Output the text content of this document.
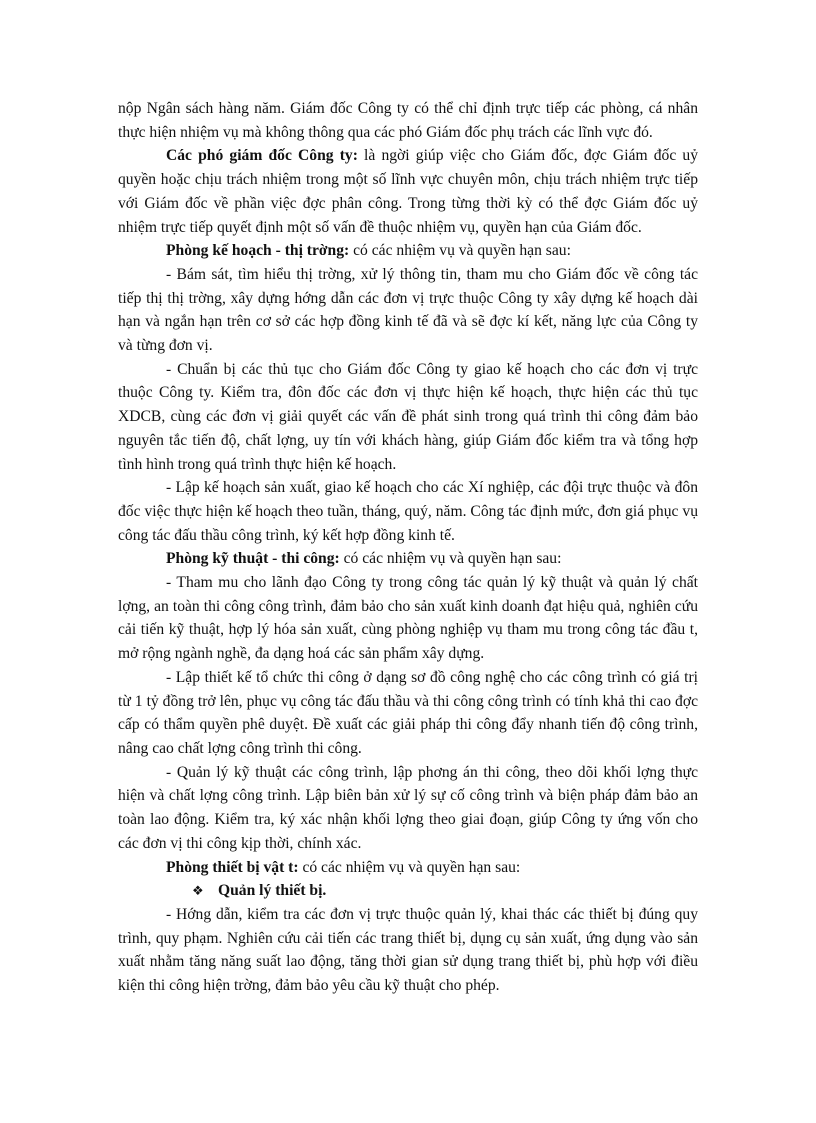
nộp Ngân sách hàng năm. Giám đốc Công ty có thể chỉ định trực tiếp các phòng, cá nhân thực hiện nhiệm vụ mà không thông qua các phó Giám đốc phụ trách các lĩnh vực đó.

Các phó giám đốc Công ty: là ngời giúp việc cho Giám đốc, đợc Giám đốc uỷ quyền hoặc chịu trách nhiệm trong một số lĩnh vực chuyên môn, chịu trách nhiệm trực tiếp với Giám đốc về phần việc đợc phân công. Trong từng thời kỳ có thể đợc Giám đốc uỷ nhiệm trực tiếp quyết định một số vấn đề thuộc nhiệm vụ, quyền hạn của Giám đốc.

Phòng kế hoạch - thị trờng: có các nhiệm vụ và quyền hạn sau:

- Bám sát, tìm hiểu thị trờng, xử lý thông tin, tham mu cho Giám đốc về công tác tiếp thị thị trờng, xây dựng hớng dẫn các đơn vị trực thuộc Công ty xây dựng kế hoạch dài hạn và ngắn hạn trên cơ sở các hợp đồng kinh tế đã và sẽ đợc kí kết, năng lực của Công ty và từng đơn vị.

- Chuẩn bị các thủ tục cho Giám đốc Công ty giao kế hoạch cho các đơn vị trực thuộc Công ty. Kiểm tra, đôn đốc các đơn vị thực hiện kế hoạch, thực hiện các thủ tục XDCB, cùng các đơn vị giải quyết các vấn đề phát sinh trong quá trình thi công đảm bảo nguyên tắc tiến độ, chất lợng, uy tín với khách hàng, giúp Giám đốc kiểm tra và tổng hợp tình hình trong quá trình thực hiện kế hoạch.

- Lập kế hoạch sản xuất, giao kế hoạch cho các Xí nghiệp, các đội trực thuộc và đôn đốc việc thực hiện kế hoạch theo tuần, tháng, quý, năm. Công tác định mức, đơn giá phục vụ công tác đấu thầu công trình, ký kết hợp đồng kinh tế.

Phòng kỹ thuật - thi công: có các nhiệm vụ và quyền hạn sau:

- Tham mu cho lãnh đạo Công ty trong công tác quản lý kỹ thuật và quản lý chất lợng, an toàn thi công công trình, đảm bảo cho sản xuất kinh doanh đạt hiệu quả, nghiên cứu cải tiến kỹ thuật, hợp lý hóa sản xuất, cùng phòng nghiệp vụ tham mu trong công tác đầu t, mở rộng ngành nghề, đa dạng hoá các sản phẩm xây dựng.

- Lập thiết kế tổ chức thi công ở dạng sơ đồ công nghệ cho các công trình có giá trị từ 1 tỷ đồng trở lên, phục vụ công tác đấu thầu và thi công công trình có tính khả thi cao đợc cấp có thẩm quyền phê duyệt. Đề xuất các giải pháp thi công đẩy nhanh tiến độ công trình, nâng cao chất lợng công trình thi công.

- Quản lý kỹ thuật các công trình, lập phơng án thi công, theo dõi khối lợng thực hiện và chất lợng công trình. Lập biên bản xử lý sự cố công trình và biện pháp đảm bảo an toàn lao động. Kiểm tra, ký xác nhận khối lợng theo giai đoạn, giúp Công ty ứng vốn cho các đơn vị thi công kịp thời, chính xác.

Phòng thiết bị vật t: có các nhiệm vụ và quyền hạn sau:

❖ Quản lý thiết bị.

- Hớng dẫn, kiểm tra các đơn vị trực thuộc quản lý, khai thác các thiết bị đúng quy trình, quy phạm. Nghiên cứu cải tiến các trang thiết bị, dụng cụ sản xuất, ứng dụng vào sản xuất nhằm tăng năng suất lao động, tăng thời gian sử dụng trang thiết bị, phù hợp với điều kiện thi công hiện trờng, đảm bảo yêu cầu kỹ thuật cho phép.
